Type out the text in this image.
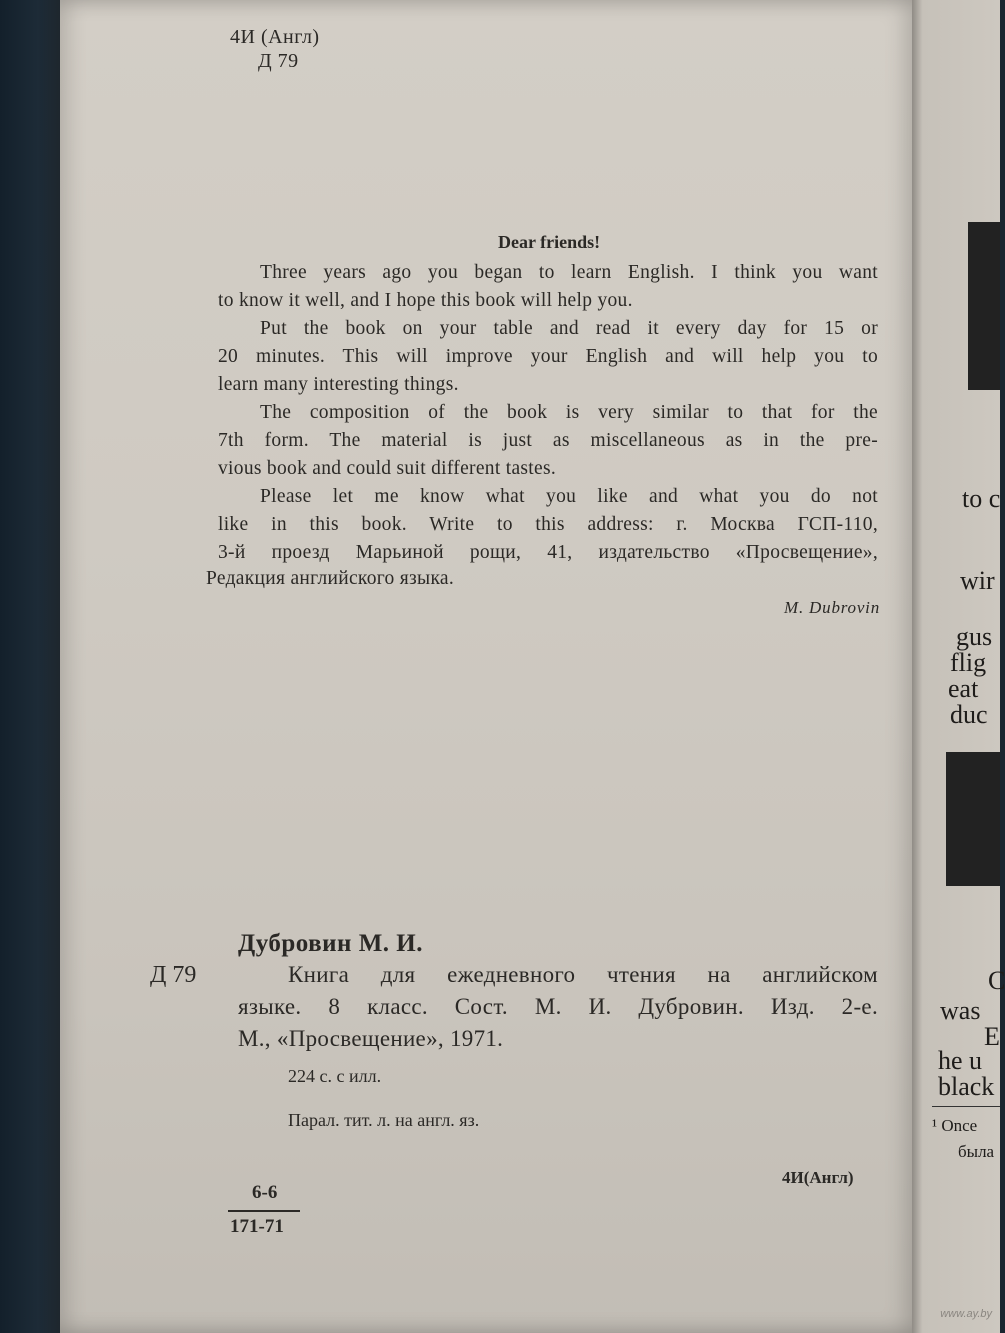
to c
wir
gus
flig
eat
duc
C
was
E
he u
black
¹ Once
была
4И (Англ)
Д 79
Dear friends!
Three years ago you began to learn English. I think you want
to know it well, and I hope this book will help you.
Put the book on your table and read it every day for 15 or
20 minutes. This will improve your English and will help you to
learn many interesting things.
The composition of the book is very similar to that for the
7th form. The material is just as miscellaneous as in the pre-
vious book and could suit different tastes.
Please let me know what you like and what you do not
like in this book. Write to this address: г. Москва ГСП-110,
3-й проезд Марьиной рощи, 41, издательство «Просвещение»,
Редакция английского языка.
M. Dubrovin
Дубровин М. И.
Д 79	Книга для ежедневного чтения на английском
языке. 8 класс. Сост. М. И. Дубровин. Изд. 2-е.
М., «Просвещение», 1971.
224 с. с илл.
Парал. тит. л. на англ. яз.
4И(Англ)
6-6
171-71
www.ay.by
